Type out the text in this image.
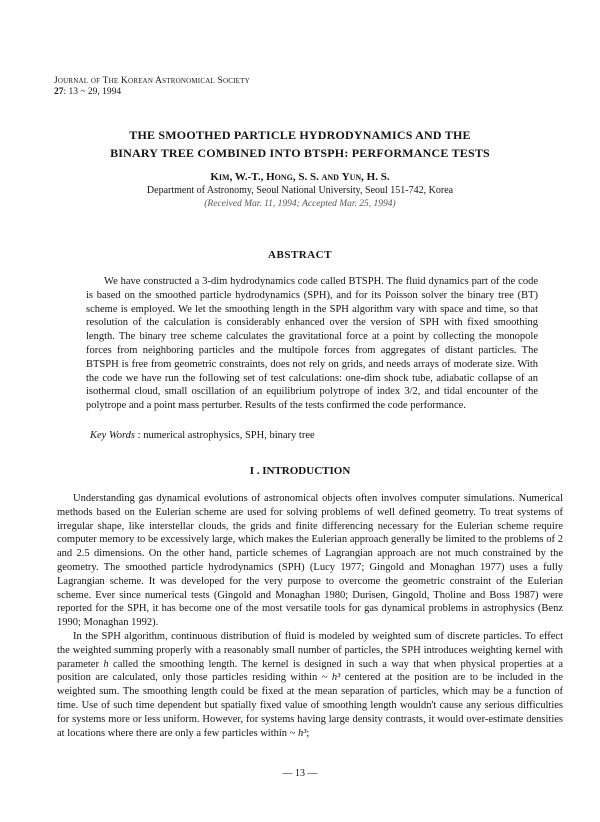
Journal of The Korean Astronomical Society
27: 13 ~ 29, 1994
THE SMOOTHED PARTICLE HYDRODYNAMICS AND THE
BINARY TREE COMBINED INTO BTSPH: PERFORMANCE TESTS
Kim, W.-T., Hong, S. S. and Yun, H. S.
Department of Astronomy, Seoul National University, Seoul 151-742, Korea
(Received Mar. 11, 1994; Accepted Mar. 25, 1994)
ABSTRACT
We have constructed a 3-dim hydrodynamics code called BTSPH. The fluid dynamics part of the code is based on the smoothed particle hydrodynamics (SPH), and for its Poisson solver the binary tree (BT) scheme is employed. We let the smoothing length in the SPH algorithm vary with space and time, so that resolution of the calculation is considerably enhanced over the version of SPH with fixed smoothing length. The binary tree scheme calculates the gravitational force at a point by collecting the monopole forces from neighboring particles and the multipole forces from aggregates of distant particles. The BTSPH is free from geometric constraints, does not rely on grids, and needs arrays of moderate size. With the code we have run the following set of test calculations: one-dim shock tube, adiabatic collapse of an isothermal cloud, small oscillation of an equilibrium polytrope of index 3/2, and tidal encounter of the polytrope and a point mass perturber. Results of the tests confirmed the code performance.
Key Words : numerical astrophysics, SPH, binary tree
I . INTRODUCTION

Understanding gas dynamical evolutions of astronomical objects often involves computer simulations. Numerical methods based on the Eulerian scheme are used for solving problems of well defined geometry. To treat systems of irregular shape, like interstellar clouds, the grids and finite differencing necessary for the Eulerian scheme require computer memory to be excessively large, which makes the Eulerian approach generally be limited to the problems of 2 and 2.5 dimensions. On the other hand, particle schemes of Lagrangian approach are not much constrained by the geometry. The smoothed particle hydrodynamics (SPH) (Lucy 1977; Gingold and Monaghan 1977) uses a fully Lagrangian scheme. It was developed for the very purpose to overcome the geometric constraint of the Eulerian scheme. Ever since numerical tests (Gingold and Monaghan 1980; Durisen, Gingold, Tholine and Boss 1987) were reported for the SPH, it has become one of the most versatile tools for gas dynamical problems in astrophysics (Benz 1990; Monaghan 1992).

In the SPH algorithm, continuous distribution of fluid is modeled by weighted sum of discrete particles. To effect the weighted summing properly with a reasonably small number of particles, the SPH introduces weighting kernel with parameter h called the smoothing length. The kernel is designed in such a way that when physical properties at a position are calculated, only those particles residing within ~ h³ centered at the position are to be included in the weighted sum. The smoothing length could be fixed at the mean separation of particles, which may be a function of time. Use of such time dependent but spatially fixed value of smoothing length wouldn't cause any serious difficulties for systems more or less uniform. However, for systems having large density contrasts, it would over-estimate densities at locations where there are only a few particles within ~ h³;

— 13 —
